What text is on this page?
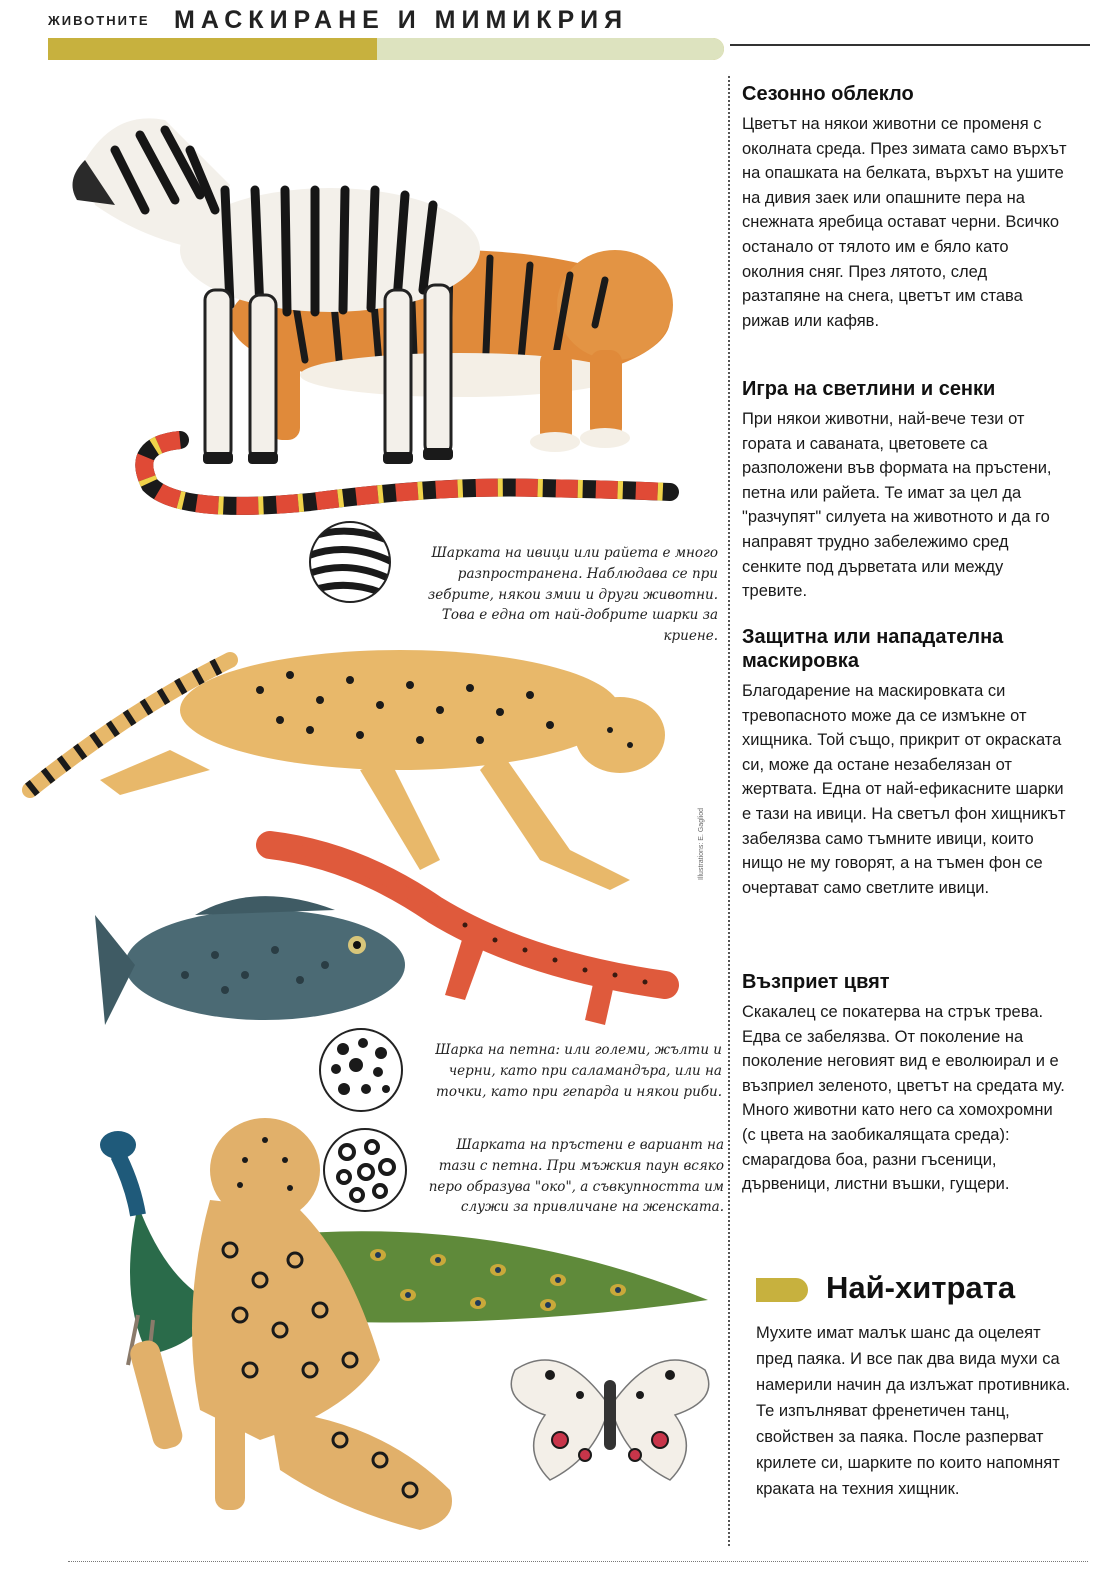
ЖИВОТНИТЕ МАСКИРАНЕ И МИМИКРИЯ
Шарката на ивици или райета е много разпространена. Наблюдава се при зебрите, някои змии и други животни. Това е една от най-добрите шарки за криене.
Illustrations: E. Gagliod
Шарка на петна: или големи, жълти и черни, като при саламандъра, или на точки, като при гепарда и някои риби.
Шарката на пръстени е вариант на тази с петна. При мъжкия паун всяко перо образува "око", а съвкупността им служи за привличане на женската.
Сезонно облекло

Цветът на някои животни се променя с околната среда. През зимата само върхът на опашката на белката, върхът на ушите на дивия заек или опашните пера на снежната яребица остават черни. Всичко останало от тялото им е бяло като околния сняг. През лятото, след разтапяне на снега, цветът им става рижав или кафяв.

Игра на светлини и сенки

При някои животни, най-вече тези от гората и саваната, цветовете са разположени във формата на пръстени, петна или райета. Те имат за цел да "разчупят" силуета на животното и да го направят трудно забележимо сред сенките под дърветата или между тревите.

Защитна или нападателна маскировка

Благодарение на маскировката си тревопасното може да се измъкне от хищника. Той също, прикрит от окраската си, може да остане незабелязан от жертвата. Една от най-ефикасните шарки е тази на ивици. На светъл фон хищникът забелязва само тъмните ивици, които нищо не му говорят, а на тъмен фон се очертават само светлите ивици.

Възприет цвят

Скакалец се покатерва на стрък трева. Едва се забелязва. От поколение на поколение неговият вид е еволюирал и е възприел зеленото, цветът на средата му. Много животни като него са хомохромни (с цвета на заобикалящата среда): смарагдова боа, разни гъсеници, дървеници, листни въшки, гущери.

Най-хитрата

Мухите имат малък шанс да оцелеят пред паяка. И все пак два вида мухи са намерили начин да излъжат противника. Те изпълняват френетичен танц, свойствен за паяка. После разперват крилете си, шарките по които напомнят краката на техния хищник.
